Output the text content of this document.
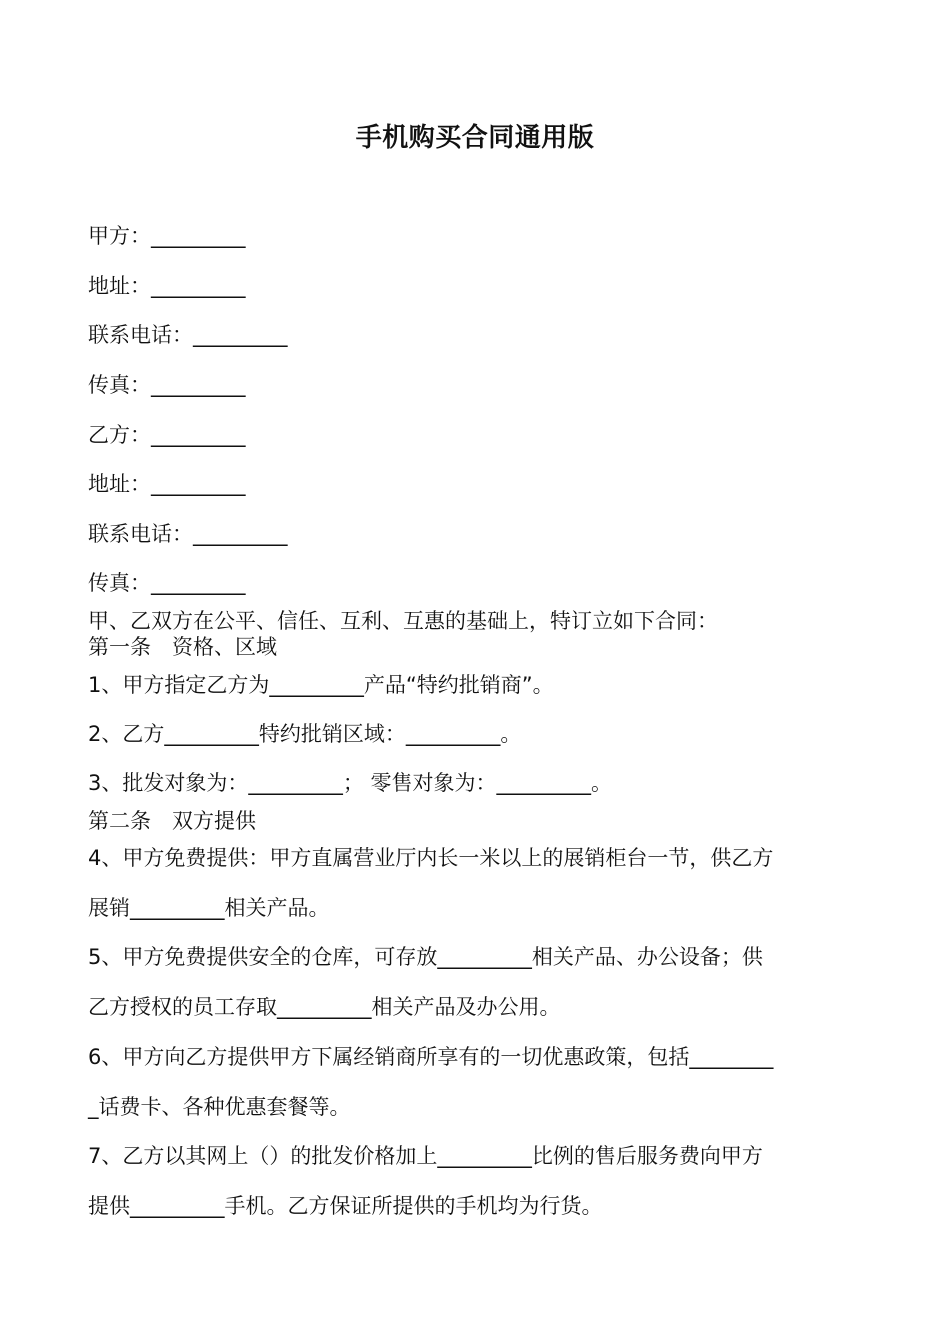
手机购买合同通用版
甲方：_________
地址：_________
联系电话：_________
传真：_________
乙方：_________
地址：_________
联系电话：_________
传真：_________
甲、乙双方在公平、信任、互利、互惠的基础上，特订立如下合同：
第一条　资格、区域
1、甲方指定乙方为_________产品“特约批销商”。
2、乙方_________特约批销区域：_________。
3、批发对象为：_________； 零售对象为：_________。
第二条　双方提供
4、甲方免费提供：甲方直属营业厅内长一米以上的展销柜台一节，供乙方
展销_________相关产品。
5、甲方免费提供安全的仓库，可存放_________相关产品、办公设备；供
乙方授权的员工存取_________相关产品及办公用。
6、甲方向乙方提供甲方下属经销商所享有的一切优惠政策，包括________
_话费卡、各种优惠套餐等。
7、乙方以其网上（）的批发价格加上_________比例的售后服务费向甲方
提供_________手机。乙方保证所提供的手机均为行货。
